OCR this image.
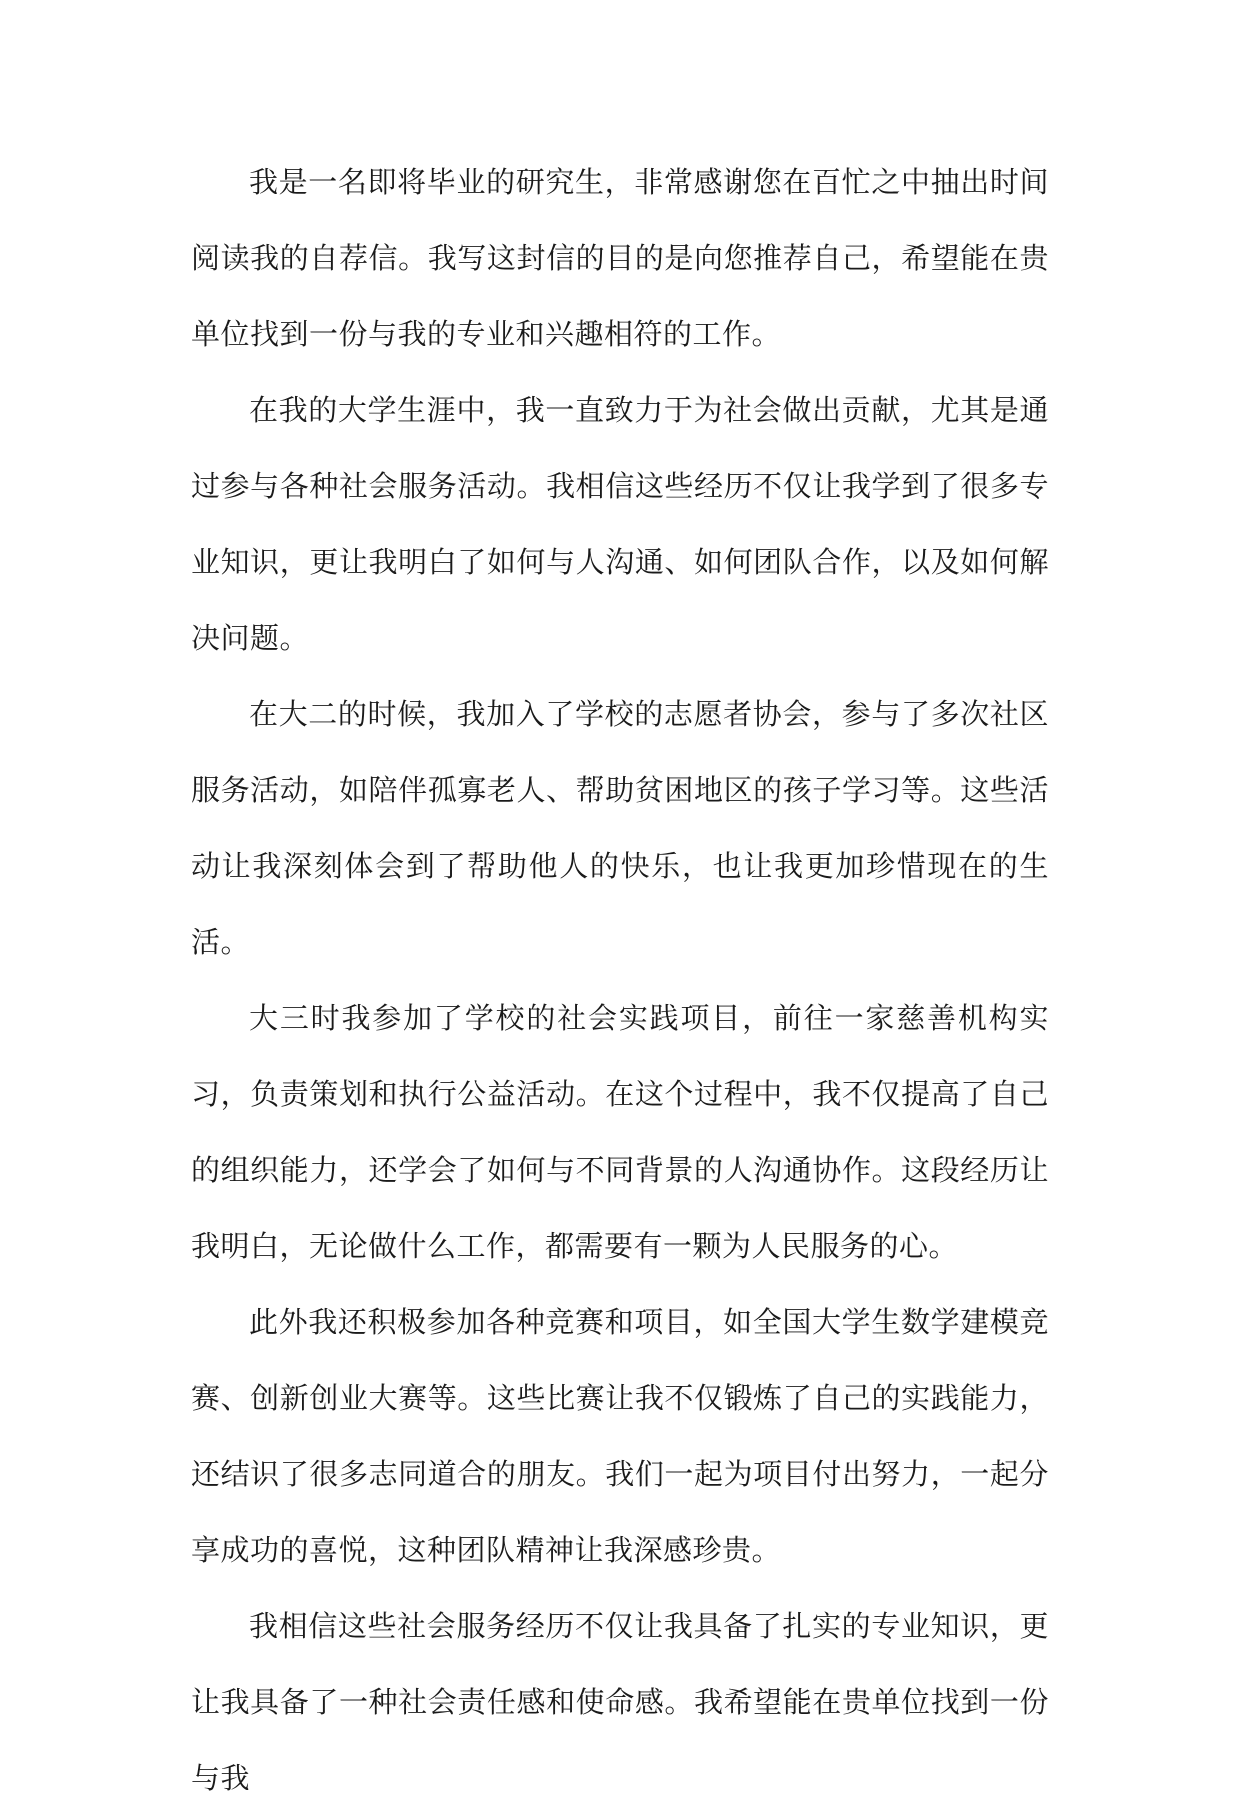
我是一名即将毕业的研究生，非常感谢您在百忙之中抽出时间阅读我的自荐信。我写这封信的目的是向您推荐自己，希望能在贵单位找到一份与我的专业和兴趣相符的工作。

在我的大学生涯中，我一直致力于为社会做出贡献，尤其是通过参与各种社会服务活动。我相信这些经历不仅让我学到了很多专业知识，更让我明白了如何与人沟通、如何团队合作，以及如何解决问题。

在大二的时候，我加入了学校的志愿者协会，参与了多次社区服务活动，如陪伴孤寡老人、帮助贫困地区的孩子学习等。这些活动让我深刻体会到了帮助他人的快乐，也让我更加珍惜现在的生活。

大三时我参加了学校的社会实践项目，前往一家慈善机构实习，负责策划和执行公益活动。在这个过程中，我不仅提高了自己的组织能力，还学会了如何与不同背景的人沟通协作。这段经历让我明白，无论做什么工作，都需要有一颗为人民服务的心。

此外我还积极参加各种竞赛和项目，如全国大学生数学建模竞赛、创新创业大赛等。这些比赛让我不仅锻炼了自己的实践能力，还结识了很多志同道合的朋友。我们一起为项目付出努力，一起分享成功的喜悦，这种团队精神让我深感珍贵。

我相信这些社会服务经历不仅让我具备了扎实的专业知识，更让我具备了一种社会责任感和使命感。我希望能在贵单位找到一份与我
